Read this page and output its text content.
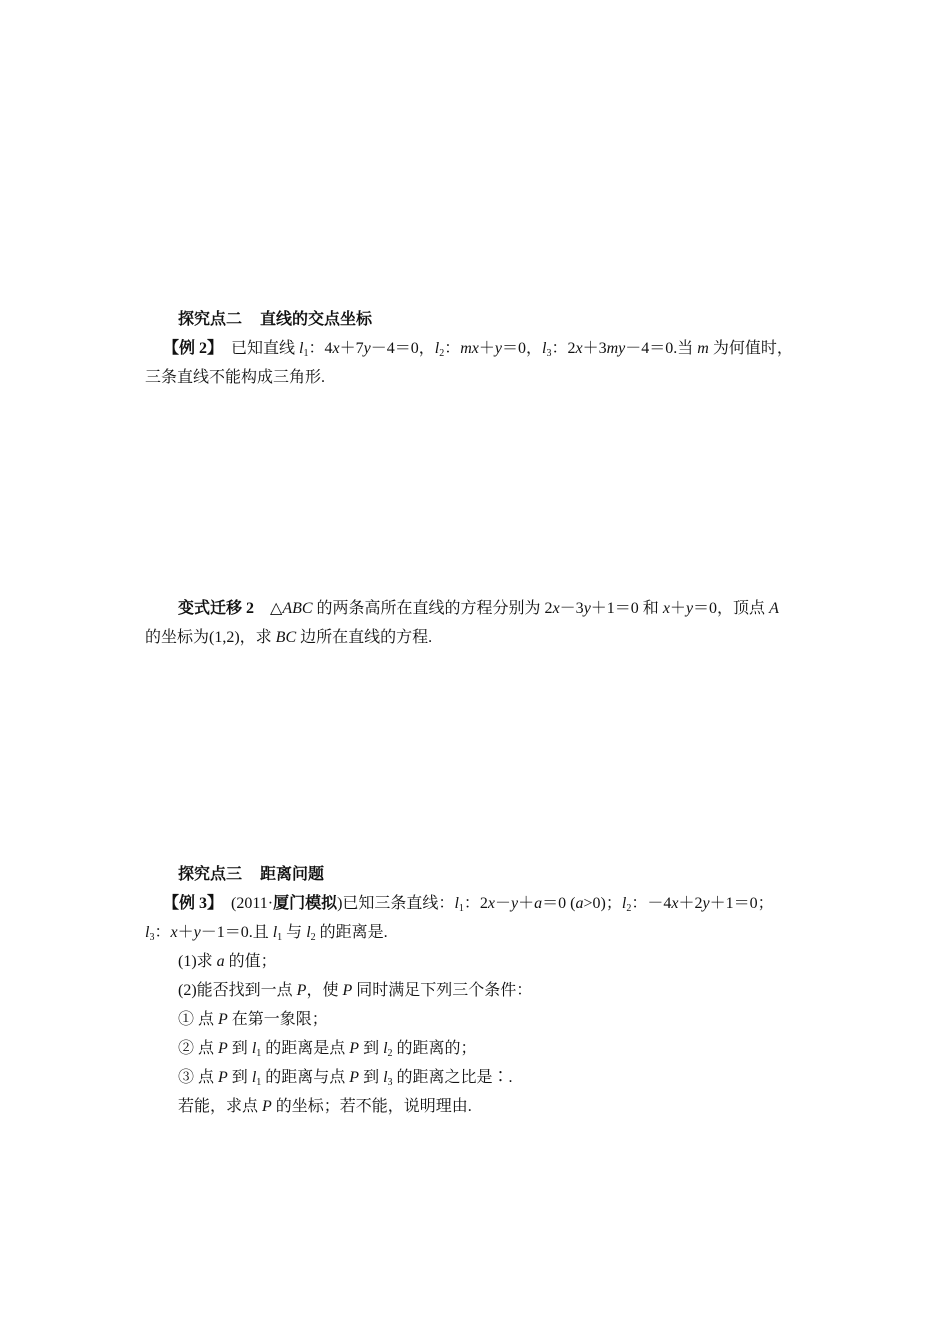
探究点二 直线的交点坐标
【例 2】 已知直线 $l_1$：4x＋7y－4＝0，$l_2$：mx＋y＝0，$l_3$：2x＋3my－4＝0.当 m 为何值时，
三条直线不能构成三角形.
变式迁移 2 △ABC 的两条高所在直线的方程分别为 2x－3y＋1＝0 和 x＋y＝0，顶点 A
的坐标为(1,2)，求 BC 边所在直线的方程.
探究点三 距离问题
【例 3】 (2011·厦门模拟)已知三条直线：$l_1$：2x－y＋a＝0 (a>0)；$l_2$：－4x＋2y＋1＝0；
$l_3$：x＋y－1＝0.且 $l_1$ 与 $l_2$ 的距离是.
(1)求 a 的值；
(2)能否找到一点 P，使 P 同时满足下列三个条件：
① 点 P 在第一象限；
② 点 P 到 $l_1$ 的距离是点 P 到 $l_2$ 的距离的；
③ 点 P 到 $l_1$ 的距离与点 P 到 $l_3$ 的距离之比是∶.
若能，求点 P 的坐标；若不能，说明理由.
